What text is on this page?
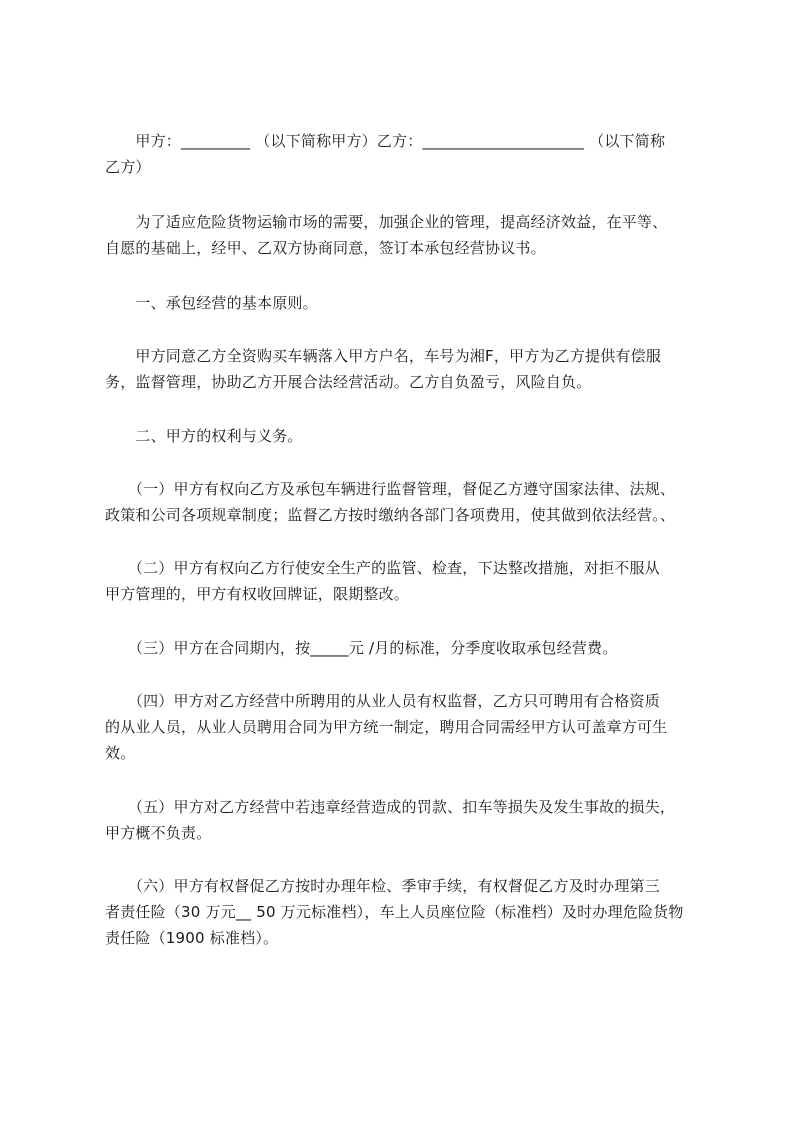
　　甲方：_________ （以下简称甲方）乙方：_____________________ （以下简称
乙方）
　　为了适应危险货物运输市场的需要，加强企业的管理，提高经济效益，在平等、
自愿的基础上，经甲、乙双方协商同意，签订本承包经营协议书。
　　一、承包经营的基本原则。
　　甲方同意乙方全资购买车辆落入甲方户名，车号为湘F，甲方为乙方提供有偿服
务，监督管理，协助乙方开展合法经营活动。乙方自负盈亏，风险自负。
　　二、甲方的权利与义务。
　　（一）甲方有权向乙方及承包车辆进行监督管理，督促乙方遵守国家法律、法规、
政策和公司各项规章制度；监督乙方按时缴纳各部门各项费用，使其做到依法经营。、
　　（二）甲方有权向乙方行使安全生产的监管、检查，下达整改措施，对拒不服从
甲方管理的，甲方有权收回牌证，限期整改。
　　（三）甲方在合同期内，按_____元 /月的标准，分季度收取承包经营费。
　　（四）甲方对乙方经营中所聘用的从业人员有权监督，乙方只可聘用有合格资质
的从业人员，从业人员聘用合同为甲方统一制定，聘用合同需经甲方认可盖章方可生
效。
　　（五）甲方对乙方经营中若违章经营造成的罚款、扣车等损失及发生事故的损失，
甲方概不负责。
　　（六）甲方有权督促乙方按时办理年检、季审手续，有权督促乙方及时办理第三
者责任险（30 万元__ 50 万元标准档），车上人员座位险（标准档）及时办理危险货物
责任险（1900 标准档）。
